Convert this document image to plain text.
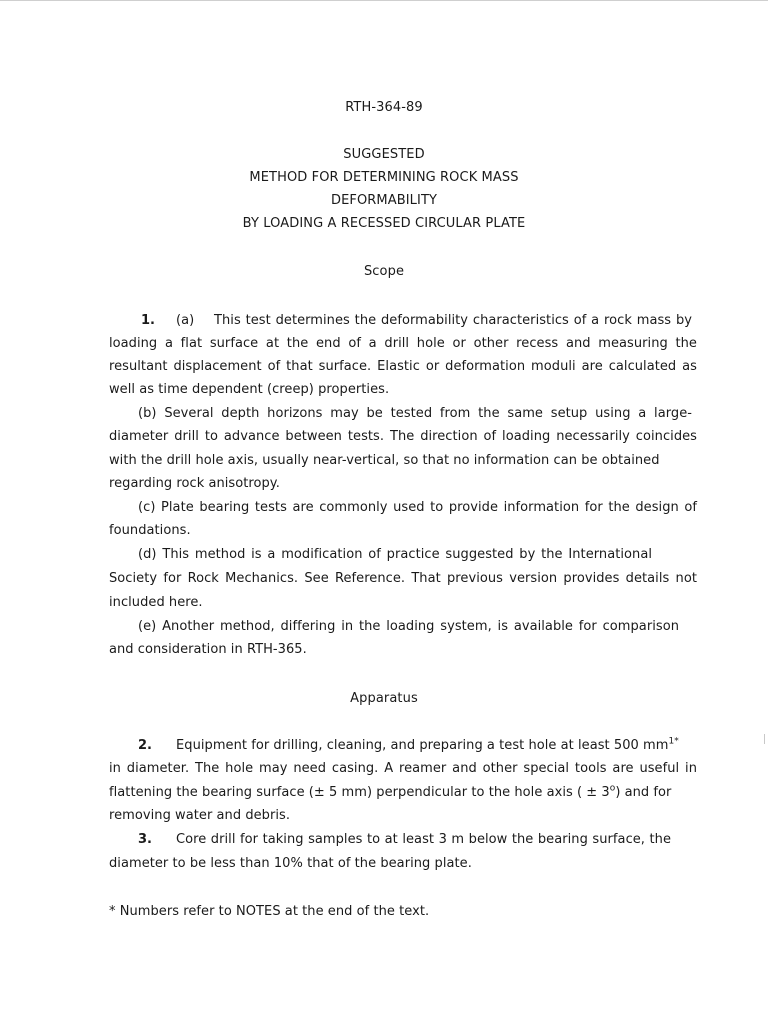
RTH-364-89
SUGGESTED
METHOD FOR DETERMINING ROCK MASS
DEFORMABILITY
BY LOADING A RECESSED CIRCULAR PLATE
Scope
1. (a) This test determines the deformability characteristics of a rock mass by
loading a flat surface at the end of a drill hole or other recess and measuring the
resultant displacement of that surface. Elastic or deformation moduli are calculated as
well as time dependent (creep) properties.
(b) Several depth horizons may be tested from the same setup using a large-
diameter drill to advance between tests. The direction of loading necessarily coincides
with the drill hole axis, usually near-vertical, so that no information can be obtained
regarding rock anisotropy.
(c) Plate bearing tests are commonly used to provide information for the design of
foundations.
(d) This method is a modification of practice suggested by the International
Society for Rock Mechanics. See Reference. That previous version provides details not
included here.
(e) Another method, differing in the loading system, is available for comparison
and consideration in RTH-365.
Apparatus
2. Equipment for drilling, cleaning, and preparing a test hole at least 500 $mm^{1*}$
in diameter. The hole may need casing. A reamer and other special tools are useful in
flattening the bearing surface (± 5 mm) perpendicular to the hole axis ( ± $3^o$) and for
removing water and debris.
3. Core drill for taking samples to at least 3 m below the bearing surface, the
diameter to be less than 10% that of the bearing plate.
* Numbers refer to NOTES at the end of the text.
